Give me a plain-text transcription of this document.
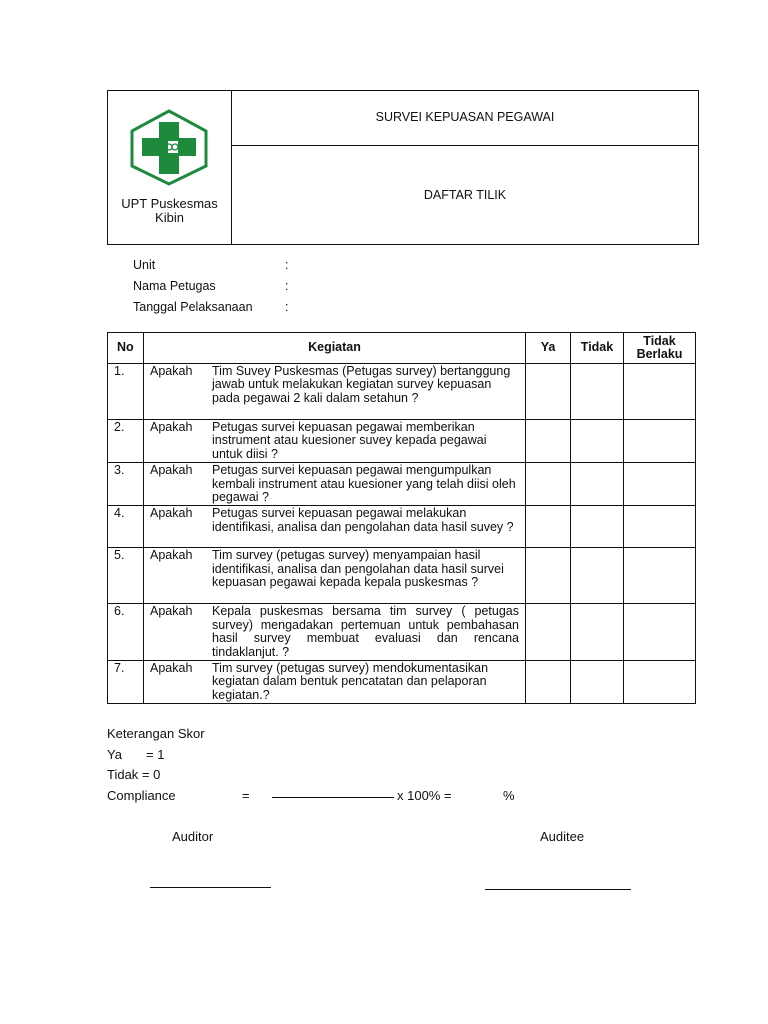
UPT Puskesmas
Kibin
SURVEI KEPUASAN PEGAWAI
DAFTAR TILIK
Unit	:
Nama Petugas	:
Tanggal Pelaksanaan	:
No	Kegiatan	Ya	Tidak	Tidak
Berlaku

1.	Apakah Tim Suvey Puskesmas (Petugas survey) bertanggung jawab untuk melakukan kegiatan survey kepuasan pada pegawai 2 kali dalam setahun ?			

2.	Apakah Petugas survei kepuasan pegawai memberikan instrument atau kuesioner suvey kepada pegawai untuk diisi ?			

3.	Apakah Petugas survei kepuasan pegawai mengumpulkan kembali instrument atau kuesioner yang telah diisi oleh pegawai ?			

4.	Apakah Petugas survei kepuasan pegawai melakukan identifikasi, analisa dan pengolahan data hasil suvey ?			

5.	Apakah Tim survey (petugas survey) menyampaian hasil identifikasi, analisa dan pengolahan data hasil survei kepuasan pegawai kepada kepala puskesmas ?			

6.	Apakah Kepala puskesmas bersama tim survey ( petugas survey) mengadakan pertemuan untuk pembahasan hasil survey membuat evaluasi dan rencana tindaklanjut. ?			

7.	Apakah Tim survey (petugas survey) mendokumentasikan kegiatan dalam bentuk pencatatan dan pelaporan kegiatan.?			

Keterangan Skor
Ya = 1
Tidak = 0
Compliance	=	x 100% =	%
Auditor	Auditee
